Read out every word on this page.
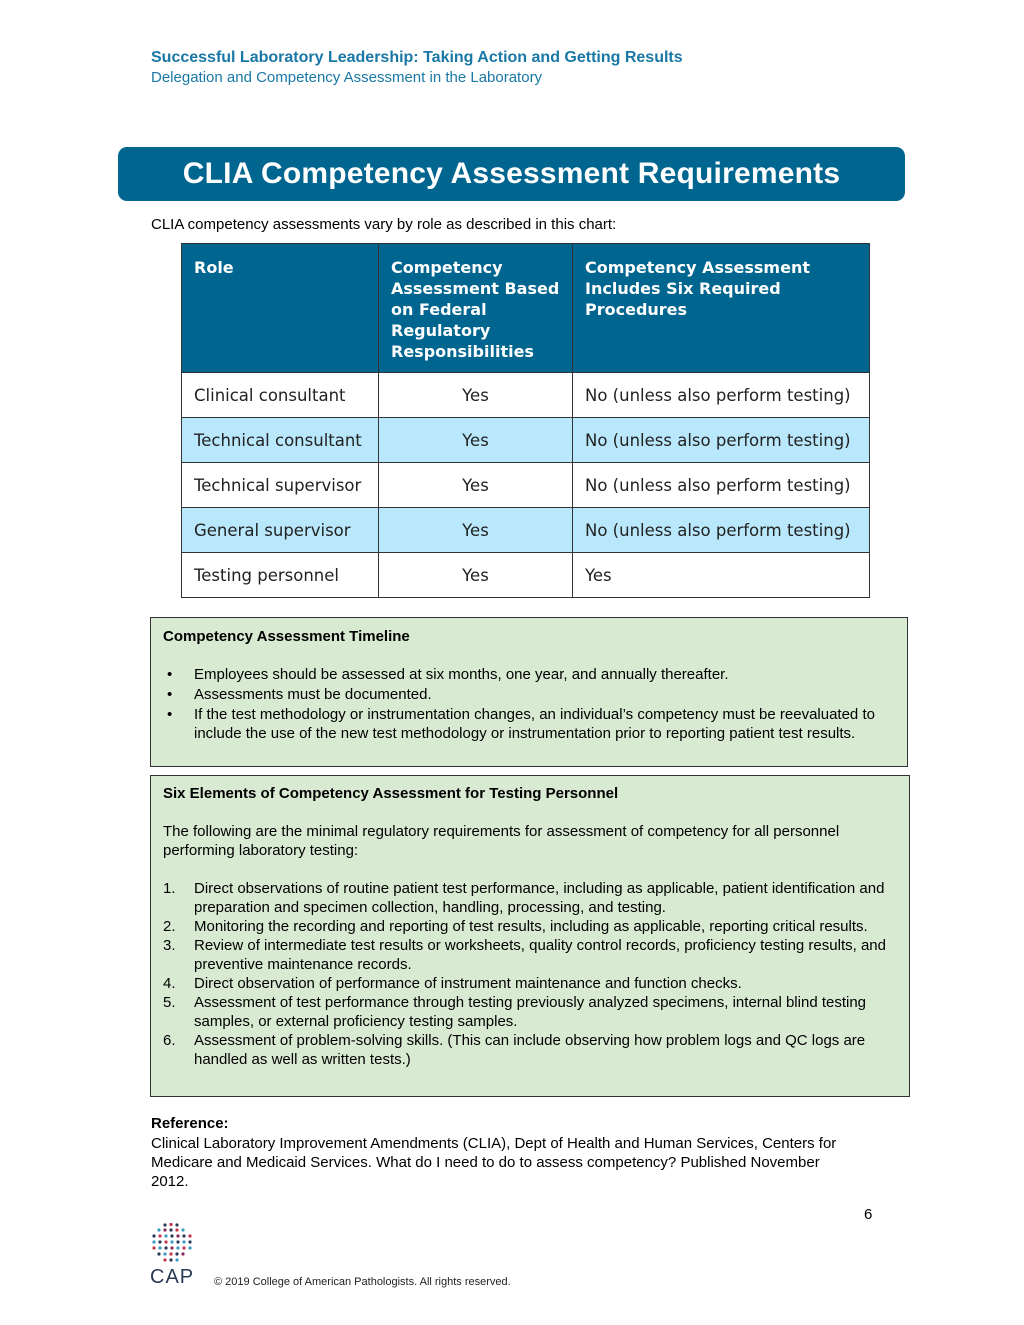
Successful Laboratory Leadership: Taking Action and Getting Results
Delegation and Competency Assessment in the Laboratory
CLIA Competency Assessment Requirements
CLIA competency assessments vary by role as described in this chart:
Role	Competency Assessment Based on Federal Regulatory Responsibilities	Competency Assessment Includes Six Required Procedures
Clinical consultant	Yes	No (unless also perform testing)
Technical consultant	Yes	No (unless also perform testing)
Technical supervisor	Yes	No (unless also perform testing)
General supervisor	Yes	No (unless also perform testing)
Testing personnel	Yes	Yes

Competency Assessment Timeline

• Employees should be assessed at six months, one year, and annually thereafter.
• Assessments must be documented.
• If the test methodology or instrumentation changes, an individual’s competency must be reevaluated to include the use of the new test methodology or instrumentation prior to reporting patient test results.

Six Elements of Competency Assessment for Testing Personnel

The following are the minimal regulatory requirements for assessment of competency for all personnel performing laboratory testing:

1. Direct observations of routine patient test performance, including as applicable, patient identification and preparation and specimen collection, handling, processing, and testing.
2. Monitoring the recording and reporting of test results, including as applicable, reporting critical results.
3. Review of intermediate test results or worksheets, quality control records, proficiency testing results, and preventive maintenance records.
4. Direct observation of performance of instrument maintenance and function checks.
5. Assessment of test performance through testing previously analyzed specimens, internal blind testing samples, or external proficiency testing samples.
6. Assessment of problem-solving skills. (This can include observing how problem logs and QC logs are handled as well as written tests.)
Reference:
Clinical Laboratory Improvement Amendments (CLIA), Dept of Health and Human Services, Centers for Medicare and Medicaid Services. What do I need to do to assess competency? Published November 2012.
6
CAP © 2019 College of American Pathologists. All rights reserved.
